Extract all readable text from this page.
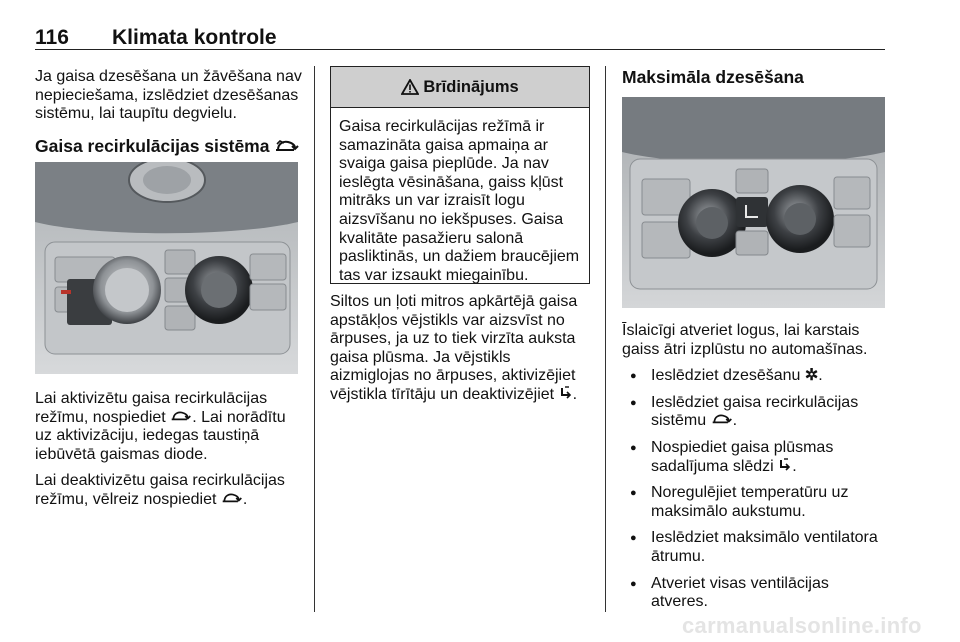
116 Klimata kontrole

Ja gaisa dzesēšana un žāvēšana nav nepieciešama, izslēdziet dzesēšanas sistēmu, lai taupītu degvielu.

Gaisa recirkulācijas sistēma

Lai aktivizētu gaisa recirkulācijas režīmu, nospiediet . Lai norādītu uz aktivizāciju, iedegas taustiņā iebūvētā gaismas diode.

Lai deaktivizētu gaisa recirkulācijas režīmu, vēlreiz nospiediet .

Brīdinājums
Gaisa recirkulācijas režīmā ir samazināta gaisa apmaiņa ar svaiga gaisa pieplūde. Ja nav ieslēgta vēsināšana, gaiss kļūst mitrāks un var izraisīt logu aizsvīšanu no iekšpuses. Gaisa kvalitāte pasažieru salonā pasliktinās, un dažiem braucējiem tas var izsaukt miegainību.

Siltos un ļoti mitros apkārtējā gaisa apstākļos vējstikls var aizsvīst no ārpuses, ja uz to tiek virzīta auksta gaisa plūsma. Ja vējstikls aizmiglojas no ārpuses, aktivizējiet vējstikla tīrītāju un deaktivizējiet .

Maksimāla dzesēšana

Īslaicīgi atveriet logus, lai karstais gaiss ātri izplūstu no automašīnas.

● Ieslēdziet dzesēšanu ✲.
● Ieslēdziet gaisa recirkulācijas sistēmu .
● Nospiediet gaisa plūsmas sadalījuma slēdzi .
● Noregulējiet temperatūru uz maksimālo aukstumu.
● Ieslēdziet maksimālo ventilatora ātrumu.
● Atveriet visas ventilācijas atveres.
carmanualsonline.info
